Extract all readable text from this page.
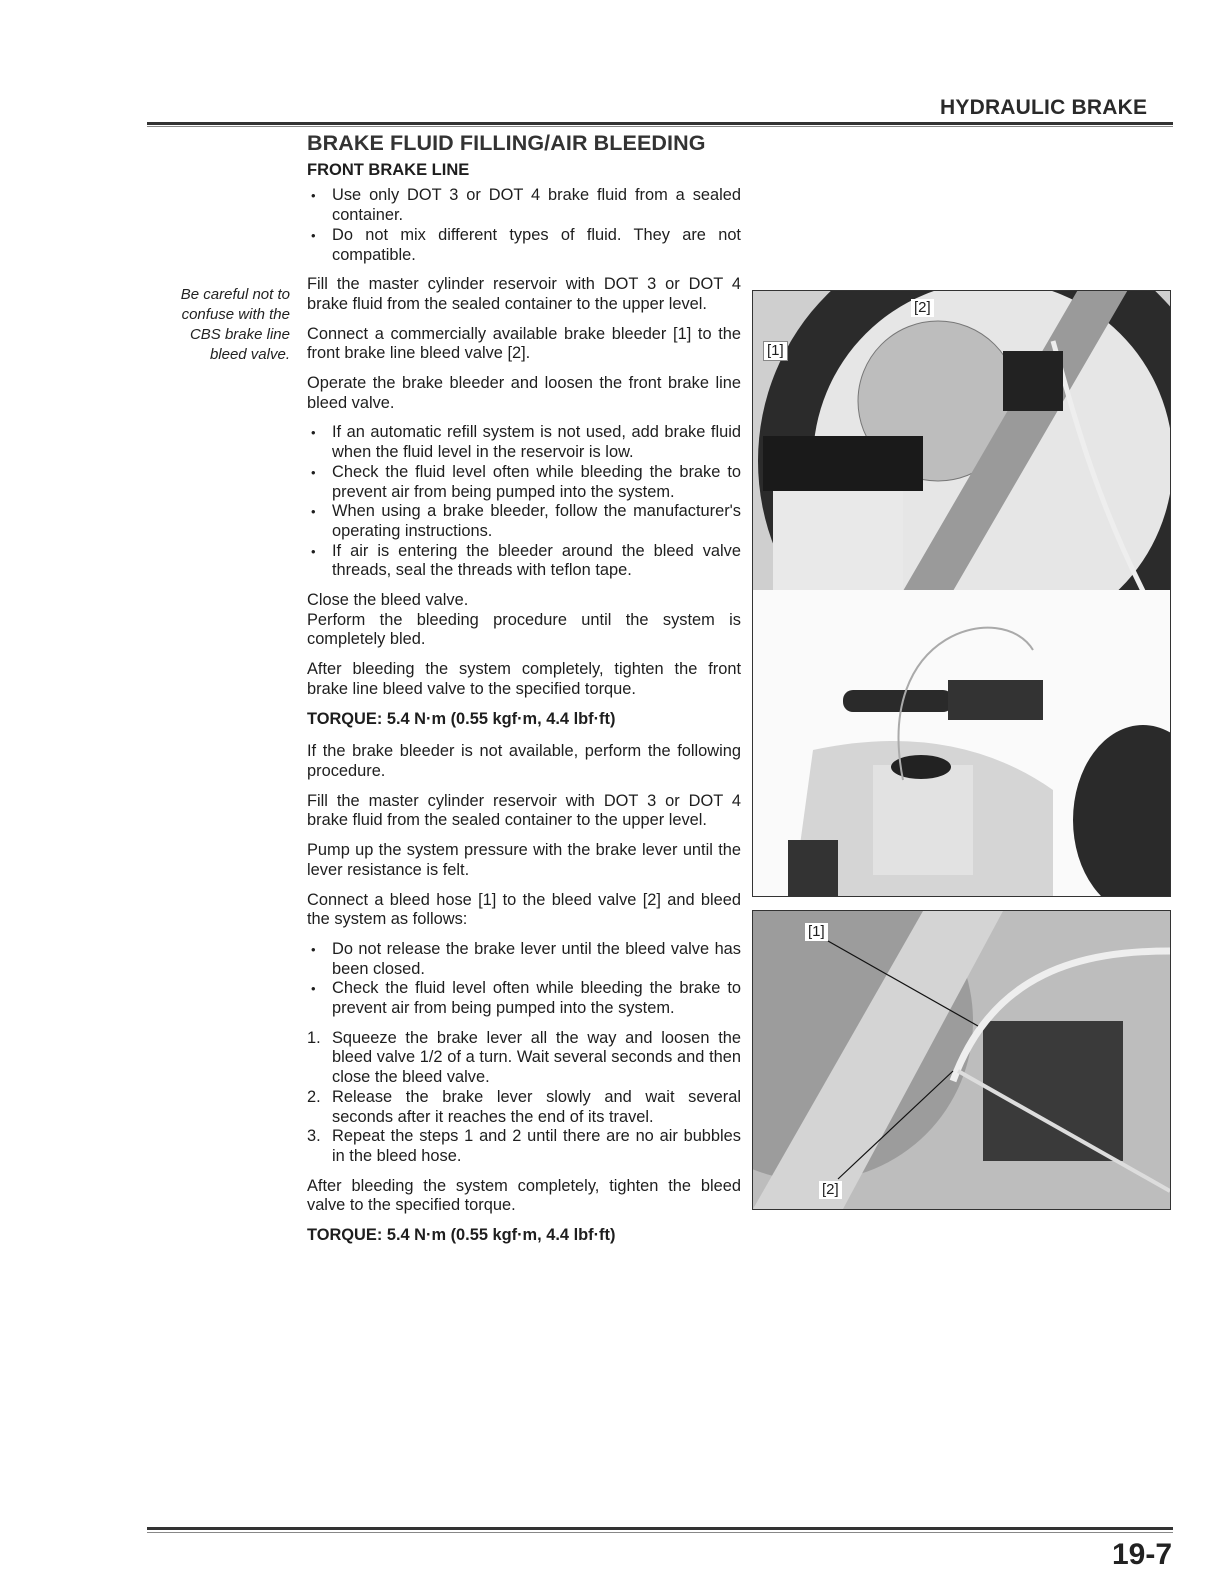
HYDRAULIC BRAKE
Be careful not to confuse with the CBS brake line bleed valve.
BRAKE FLUID FILLING/AIR BLEEDING
FRONT BRAKE LINE
• Use only DOT 3 or DOT 4 brake fluid from a sealed container.
• Do not mix different types of fluid. They are not compatible.

Fill the master cylinder reservoir with DOT 3 or DOT 4 brake fluid from the sealed container to the upper level.

Connect a commercially available brake bleeder [1] to the front brake line bleed valve [2].

Operate the brake bleeder and loosen the front brake line bleed valve.

• If an automatic refill system is not used, add brake fluid when the fluid level in the reservoir is low.
• Check the fluid level often while bleeding the brake to prevent air from being pumped into the system.
• When using a brake bleeder, follow the manufacturer's operating instructions.
• If air is entering the bleeder around the bleed valve threads, seal the threads with teflon tape.

Close the bleed valve.

Perform the bleeding procedure until the system is completely bled.

After bleeding the system completely, tighten the front brake line bleed valve to the specified torque.

TORQUE: 5.4 N·m (0.55 kgf·m, 4.4 lbf·ft)

If the brake bleeder is not available, perform the following procedure.

Fill the master cylinder reservoir with DOT 3 or DOT 4 brake fluid from the sealed container to the upper level.

Pump up the system pressure with the brake lever until the lever resistance is felt.

Connect a bleed hose [1] to the bleed valve [2] and bleed the system as follows:

• Do not release the brake lever until the bleed valve has been closed.
• Check the fluid level often while bleeding the brake to prevent air from being pumped into the system.
1. Squeeze the brake lever all the way and loosen the bleed valve 1/2 of a turn. Wait several seconds and then close the bleed valve.
2. Release the brake lever slowly and wait several seconds after it reaches the end of its travel.
3. Repeat the steps 1 and 2 until there are no air bubbles in the bleed hose.

After bleeding the system completely, tighten the bleed valve to the specified torque.

TORQUE: 5.4 N·m (0.55 kgf·m, 4.4 lbf·ft)

[1]
[2]
[1]
[2]
19-7
